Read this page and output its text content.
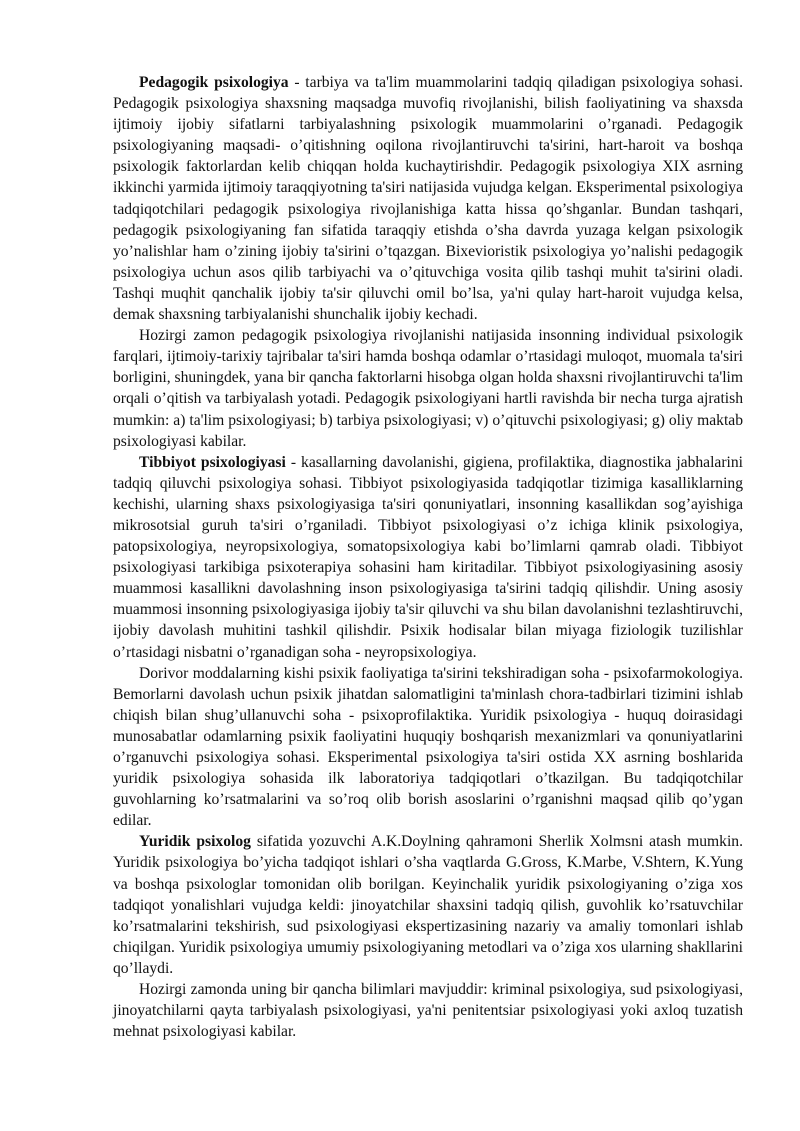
Pedagogik psixologiya - tarbiya va ta'lim muammolarini tadqiq qiladigan psixologiya sohasi. Pedagogik psixologiya shaxsning maqsadga muvofiq rivojlanishi, bilish faoliyatining va shaxsda ijtimoiy ijobiy sifatlarni tarbiyalashning psixologik muammolarini o’rganadi. Pedagogik psixologiyaning maqsadi- o’qitishning oqilona rivojlantiruvchi ta'sirini, hart-haroit va boshqa psixologik faktorlardan kelib chiqqan holda kuchaytirishdir. Pedagogik psixologiya XIX asrning ikkinchi yarmida ijtimoiy taraqqiyotning ta'siri natijasida vujudga kelgan. Eksperimental psixologiya tadqiqotchilari pedagogik psixologiya rivojlanishiga katta hissa qo’shganlar. Bundan tashqari, pedagogik psixologiyaning fan sifatida taraqqiy etishda o’sha davrda yuzaga kelgan psixologik yo’nalishlar ham o’zining ijobiy ta'sirini o’tqazgan. Bixevioristik psixologiya yo’nalishi pedagogik psixologiya uchun asos qilib tarbiyachi va o’qituvchiga vosita qilib tashqi muhit ta'sirini oladi. Tashqi muqhit qanchalik ijobiy ta'sir qiluvchi omil bo’lsa, ya'ni qulay hart-haroit vujudga kelsa, demak shaxsning tarbiyalanishi shunchalik ijobiy kechadi.

Hozirgi zamon pedagogik psixologiya rivojlanishi natijasida insonning individual psixologik farqlari, ijtimoiy-tarixiy tajribalar ta'siri hamda boshqa odamlar o’rtasidagi muloqot, muomala ta'siri borligini, shuningdek, yana bir qancha faktorlarni hisobga olgan holda shaxsni rivojlantiruvchi ta'lim orqali o’qitish va tarbiyalash yotadi. Pedagogik psixologiyani hartli ravishda bir necha turga ajratish mumkin: a) ta'lim psixologiyasi; b) tarbiya psixologiyasi; v) o’qituvchi psixologiyasi; g) oliy maktab psixologiyasi kabilar.

Tibbiyot psixologiyasi - kasallarning davolanishi, gigiena, profilaktika, diagnostika jabhalarini tadqiq qiluvchi psixologiya sohasi. Tibbiyot psixologiyasida tadqiqotlar tizimiga kasalliklarning kechishi, ularning shaxs psixologiyasiga ta'siri qonuniyatlari, insonning kasallikdan sog’ayishiga mikrosotsial guruh ta'siri o’rganiladi. Tibbiyot psixologiyasi o’z ichiga klinik psixologiya, patopsixologiya, neyropsixologiya, somatopsixologiya kabi bo’limlarni qamrab oladi. Tibbiyot psixologiyasi tarkibiga psixoterapiya sohasini ham kiritadilar. Tibbiyot psixologiyasining asosiy muammosi kasallikni davolashning inson psixologiyasiga ta'sirini tadqiq qilishdir. Uning asosiy muammosi insonning psixologiyasiga ijobiy ta'sir qiluvchi va shu bilan davolanishni tezlashtiruvchi, ijobiy davolash muhitini tashkil qilishdir. Psixik hodisalar bilan miyaga fiziologik tuzilishlar o’rtasidagi nisbatni o’rganadigan soha - neyropsixologiya.

Dorivor moddalarning kishi psixik faoliyatiga ta'sirini tekshiradigan soha - psixofarmokologiya. Bemorlarni davolash uchun psixik jihatdan salomatligini ta'minlash chora-tadbirlari tizimini ishlab chiqish bilan shug’ullanuvchi soha - psixoprofilaktika. Yuridik psixologiya - huquq doirasidagi munosabatlar odamlarning psixik faoliyatini huquqiy boshqarish mexanizmlari va qonuniyatlarini o’rganuvchi psixologiya sohasi. Eksperimental psixologiya ta'siri ostida XX asrning boshlarida yuridik psixologiya sohasida ilk laboratoriya tadqiqotlari o’tkazilgan. Bu tadqiqotchilar guvohlarning ko’rsatmalarini va so’roq olib borish asoslarini o’rganishni maqsad qilib qo’ygan edilar.

Yuridik psixolog sifatida yozuvchi A.K.Doylning qahramoni Sherlik Xolmsni atash mumkin. Yuridik psixologiya bo’yicha tadqiqot ishlari o’sha vaqtlarda G.Gross, K.Marbe, V.Shtern, K.Yung va boshqa psixologlar tomonidan olib borilgan. Keyinchalik yuridik psixologiyaning o’ziga xos tadqiqot yonalishlari vujudga keldi: jinoyatchilar shaxsini tadqiq qilish, guvohlik ko’rsatuvchilar ko’rsatmalarini tekshirish, sud psixologiyasi ekspertizasining nazariy va amaliy tomonlari ishlab chiqilgan. Yuridik psixologiya umumiy psixologiyaning metodlari va o’ziga xos ularning shakllarini qo’llaydi.

Hozirgi zamonda uning bir qancha bilimlari mavjuddir: kriminal psixologiya, sud psixologiyasi, jinoyatchilarni qayta tarbiyalash psixologiyasi, ya'ni penitentsiar psixologiyasi yoki axloq tuzatish mehnat psixologiyasi kabilar.
